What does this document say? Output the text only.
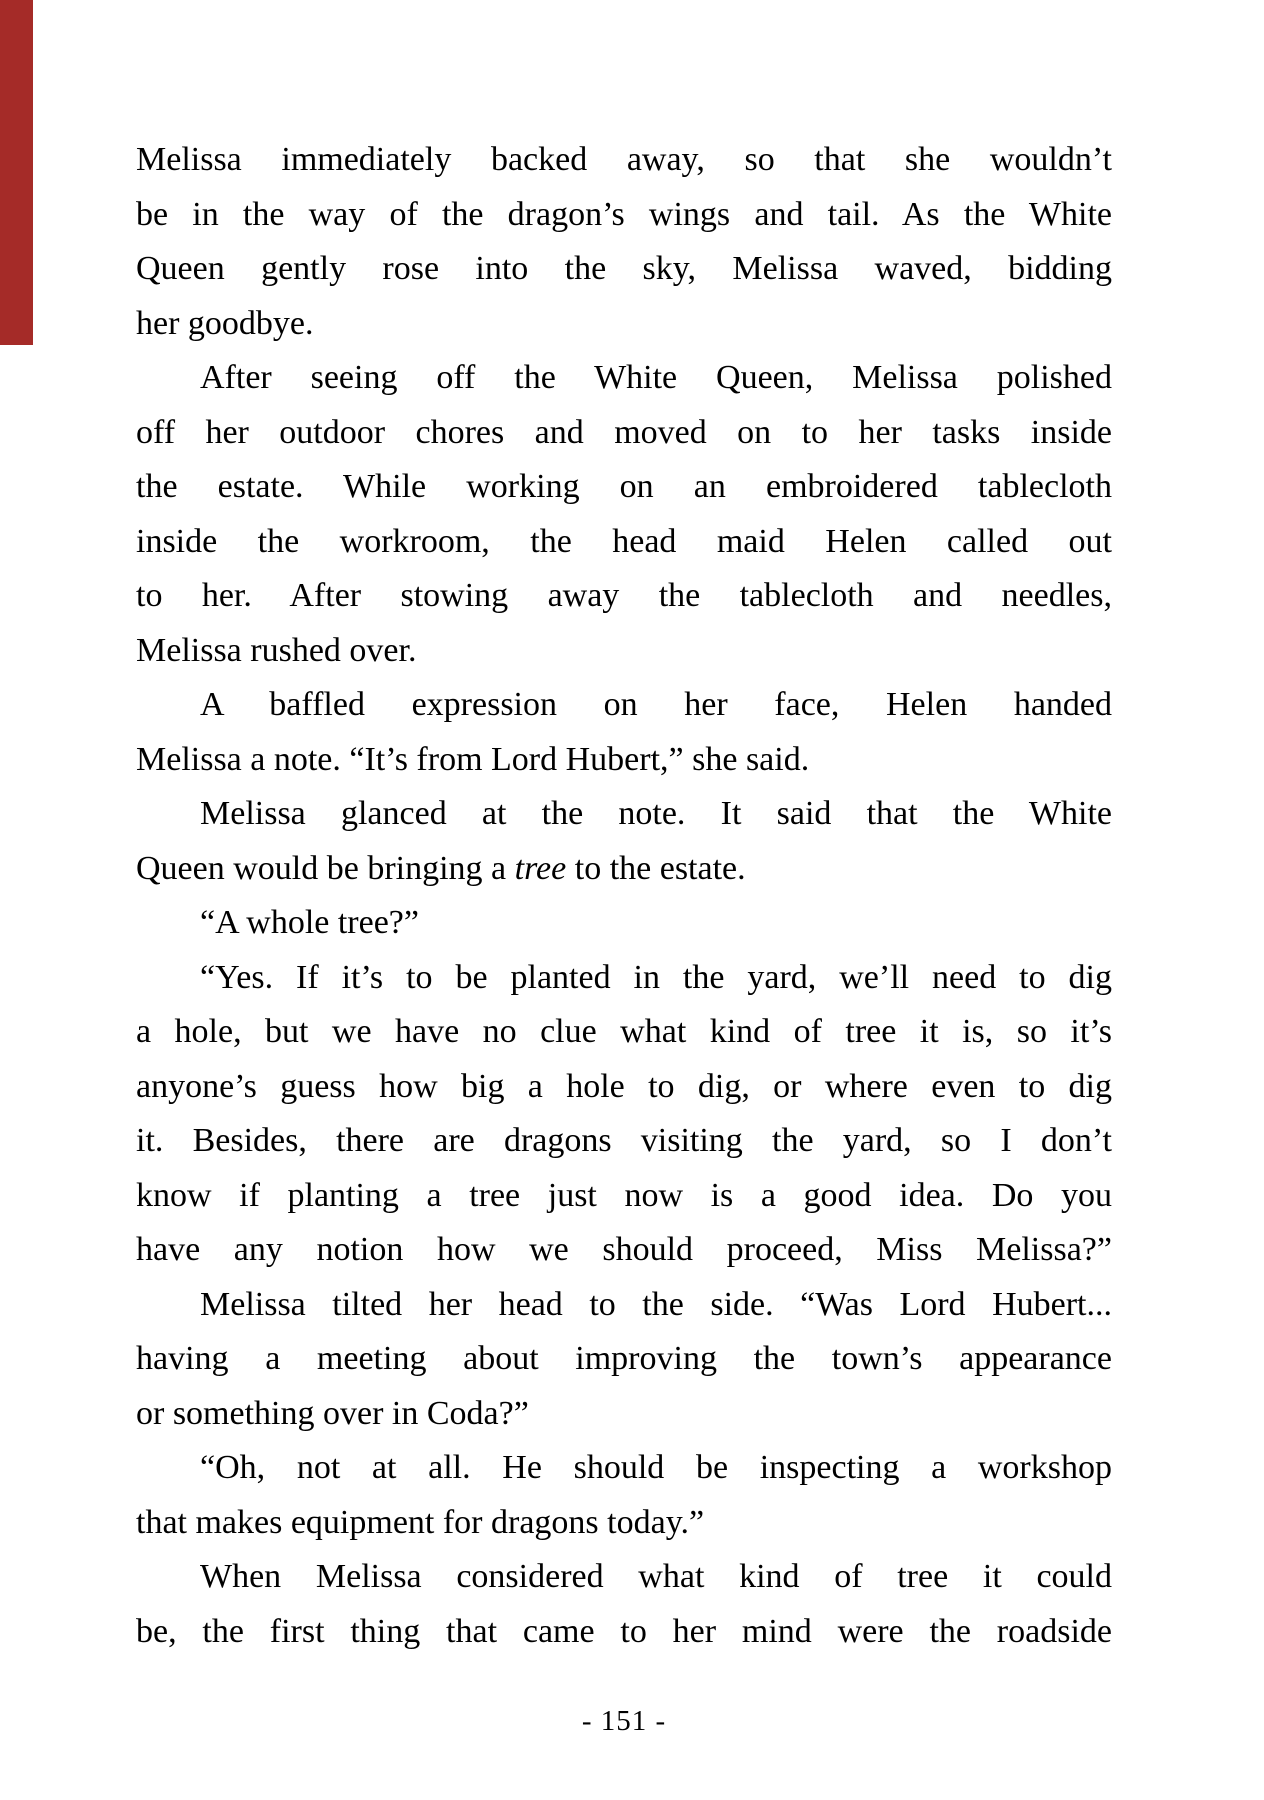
Melissa immediately backed away, so that she wouldn’t
be in the way of the dragon’s wings and tail. As the White
Queen gently rose into the sky, Melissa waved, bidding
her goodbye.
After seeing off the White Queen, Melissa polished
off her outdoor chores and moved on to her tasks inside
the estate. While working on an embroidered tablecloth
inside the workroom, the head maid Helen called out
to her. After stowing away the tablecloth and needles,
Melissa rushed over.
A baffled expression on her face, Helen handed
Melissa a note. “It’s from Lord Hubert,” she said.
Melissa glanced at the note. It said that the White
Queen would be bringing a tree to the estate.
“A whole tree?”
“Yes. If it’s to be planted in the yard, we’ll need to dig
a hole, but we have no clue what kind of tree it is, so it’s
anyone’s guess how big a hole to dig, or where even to dig
it. Besides, there are dragons visiting the yard, so I don’t
know if planting a tree just now is a good idea. Do you
have any notion how we should proceed, Miss Melissa?”
Melissa tilted her head to the side. “Was Lord Hubert...
having a meeting about improving the town’s appearance
or something over in Coda?”
“Oh, not at all. He should be inspecting a workshop
that makes equipment for dragons today.”
When Melissa considered what kind of tree it could
be, the first thing that came to her mind were the roadside
- 151 -
